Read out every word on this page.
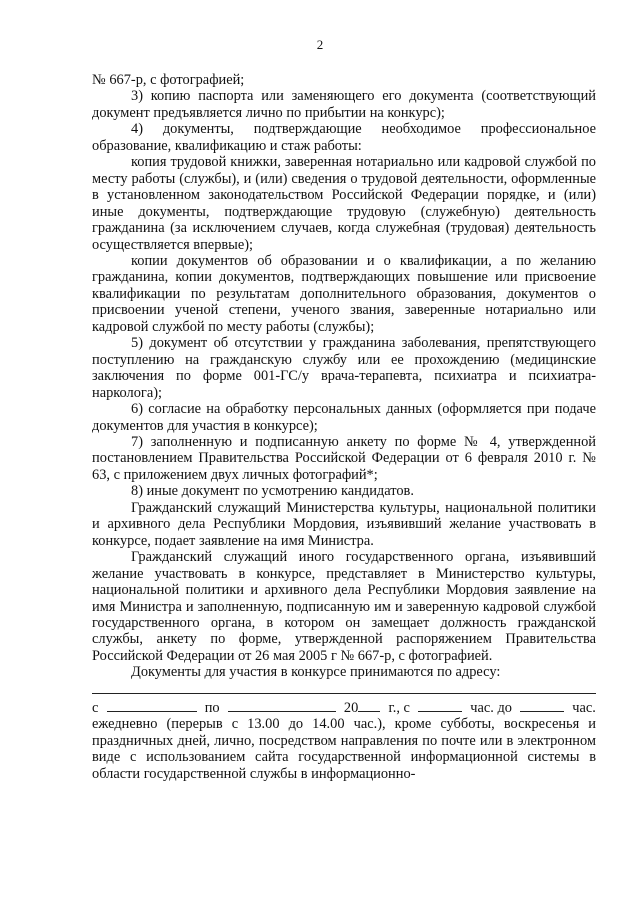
2

№ 667-р, с фотографией;

3) копию паспорта или заменяющего его документа (соответствующий документ предъявляется лично по прибытии на конкурс);

4) документы, подтверждающие необходимое профессиональное образование, квалификацию и стаж работы:

копия трудовой книжки, заверенная нотариально или кадровой службой по месту работы (службы), и (или) сведения о трудовой деятельности, оформленные в установленном законодательством Российской Федерации порядке, и (или) иные документы, подтверждающие трудовую (служебную) деятельность гражданина (за исключением случаев, когда служебная (трудовая) деятельность осуществляется впервые);

копии документов об образовании и о квалификации, а по желанию гражданина, копии документов, подтверждающих повышение или присвоение квалификации по результатам дополнительного образования, документов о присвоении ученой степени, ученого звания, заверенные нотариально или кадровой службой по месту работы (службы);

5) документ об отсутствии у гражданина заболевания, препятствующего поступлению на гражданскую службу или ее прохождению (медицинские заключения по форме 001-ГС/у врача-терапевта, психиатра и психиатра-нарколога);

6) согласие на обработку персональных данных (оформляется при подаче документов для участия в конкурсе);

7) заполненную и подписанную анкету по форме № 4, утвержденной постановлением Правительства Российской Федерации от 6 февраля 2010 г. № 63, с приложением двух личных фотографий*;

8) иные документ по усмотрению кандидатов.

Гражданский служащий Министерства культуры, национальной политики и архивного дела Республики Мордовия, изъявивший желание участвовать в конкурсе, подает заявление на имя Министра.

Гражданский служащий иного государственного органа, изъявивший желание участвовать в конкурсе, представляет в Министерство культуры, национальной политики и архивного дела Республики Мордовия заявление на имя Министра и заполненную, подписанную им и заверенную кадровой службой государственного органа, в котором он замещает должность гражданской службы, анкету по форме, утвержденной распоряжением Правительства Российской Федерации от 26 мая 2005 г № 667-р, с фотографией.

Документы для участия в конкурсе принимаются по адресу:

с	по	20	г., с	час. до	час.

ежедневно (перерыв с 13.00 до 14.00 час.), кроме субботы, воскресенья и праздничных дней, лично, посредством направления по почте или в электронном виде с использованием сайта государственной информационной системы в области государственной службы в информационно-
